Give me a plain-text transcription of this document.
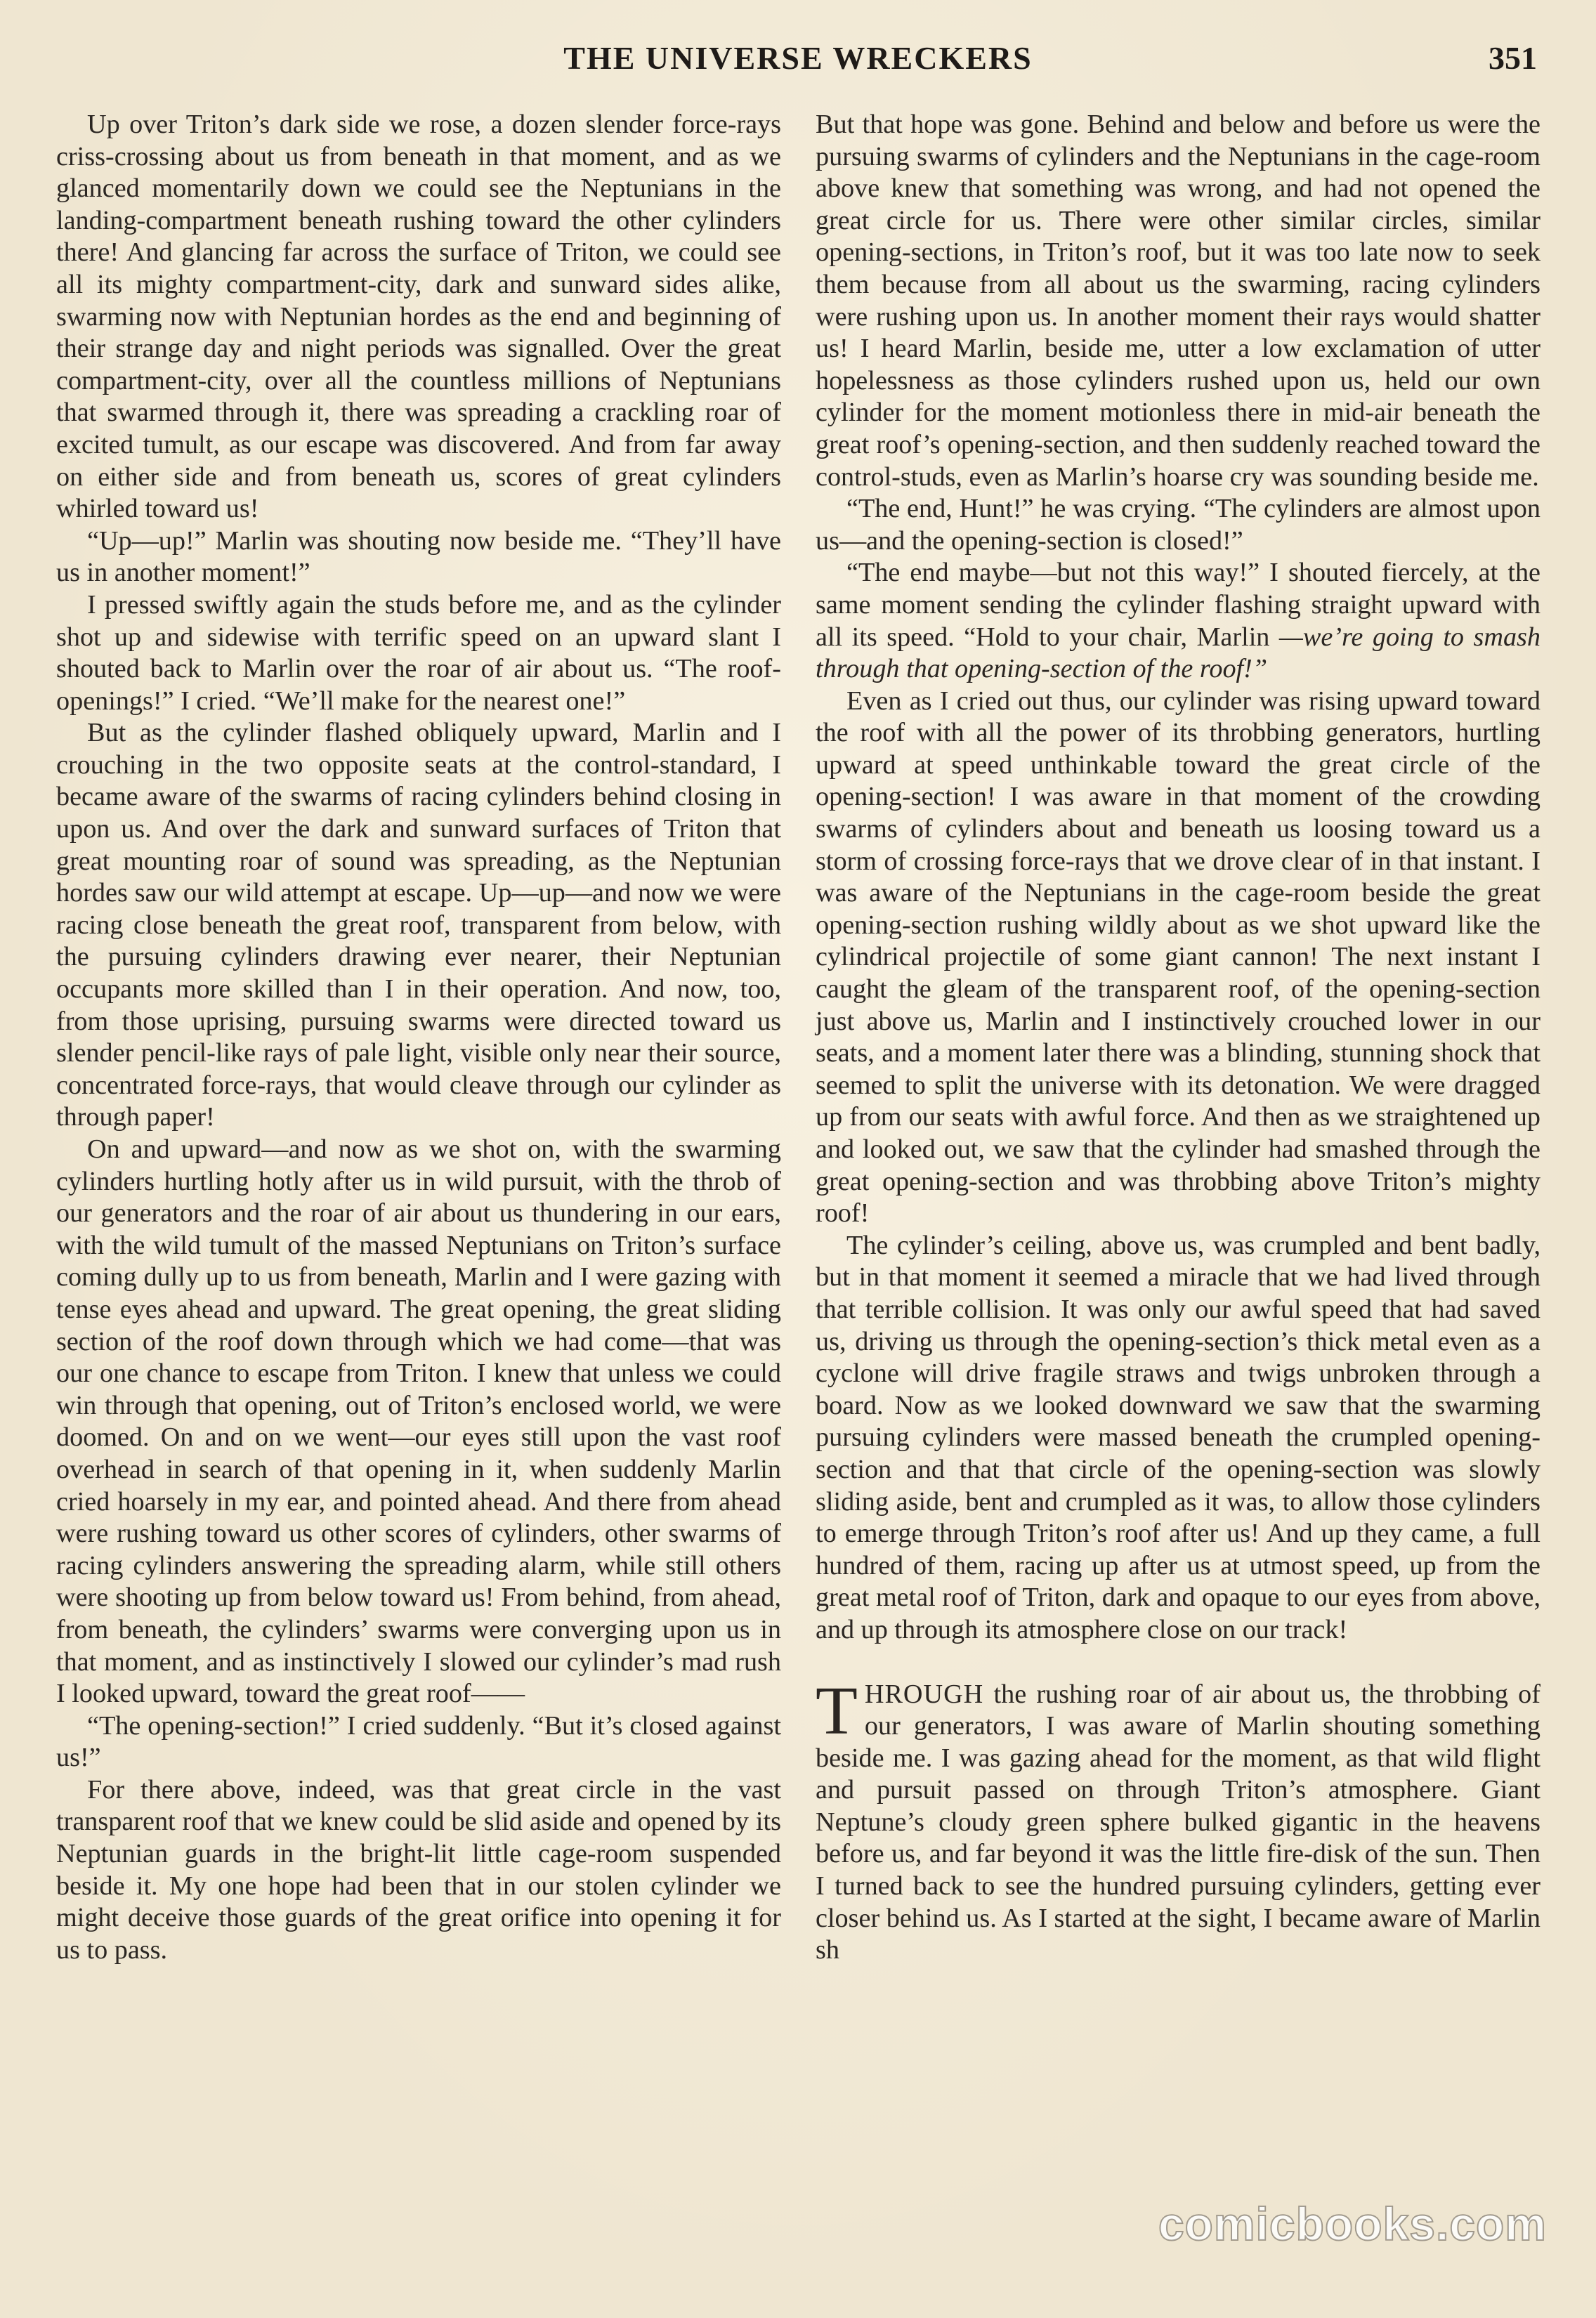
THE UNIVERSE WRECKERS	351

Up over Triton’s dark side we rose, a dozen slender force-rays criss-crossing about us from beneath in that moment, and as we glanced momentarily down we could see the Neptunians in the landing-compartment beneath rushing toward the other cylinders there! And glancing far across the surface of Triton, we could see all its mighty compartment-city, dark and sunward sides alike, swarming now with Neptunian hordes as the end and beginning of their strange day and night periods was signalled. Over the great compartment-city, over all the countless millions of Neptunians that swarmed through it, there was spreading a crackling roar of excited tumult, as our escape was discovered. And from far away on either side and from beneath us, scores of great cylinders whirled toward us!

“Up—up!” Marlin was shouting now beside me. “They’ll have us in another moment!”

I pressed swiftly again the studs before me, and as the cylinder shot up and sidewise with terrific speed on an upward slant I shouted back to Marlin over the roar of air about us. “The roof-openings!” I cried. “We’ll make for the nearest one!”

But as the cylinder flashed obliquely upward, Marlin and I crouching in the two opposite seats at the control-standard, I became aware of the swarms of racing cylinders behind closing in upon us. And over the dark and sunward surfaces of Triton that great mounting roar of sound was spreading, as the Neptunian hordes saw our wild attempt at escape. Up—up—and now we were racing close beneath the great roof, transparent from below, with the pursuing cylinders drawing ever nearer, their Neptunian occupants more skilled than I in their operation. And now, too, from those uprising, pursuing swarms were directed toward us slender pencil-like rays of pale light, visible only near their source, concentrated force-rays, that would cleave through our cylinder as through paper!

On and upward—and now as we shot on, with the swarming cylinders hurtling hotly after us in wild pursuit, with the throb of our generators and the roar of air about us thundering in our ears, with the wild tumult of the massed Neptunians on Triton’s surface coming dully up to us from beneath, Marlin and I were gazing with tense eyes ahead and upward. The great opening, the great sliding section of the roof down through which we had come—that was our one chance to escape from Triton. I knew that unless we could win through that opening, out of Triton’s enclosed world, we were doomed. On and on we went—our eyes still upon the vast roof overhead in search of that opening in it, when suddenly Marlin cried hoarsely in my ear, and pointed ahead. And there from ahead were rushing toward us other scores of cylinders, other swarms of racing cylinders answering the spreading alarm, while still others were shooting up from below toward us! From behind, from ahead, from beneath, the cylinders’ swarms were converging upon us in that moment, and as instinctively I slowed our cylinder’s mad rush I looked upward, toward the great roof——

“The opening-section!” I cried suddenly. “But it’s closed against us!”

For there above, indeed, was that great circle in the vast transparent roof that we knew could be slid aside and opened by its Neptunian guards in the bright-lit little cage-room suspended beside it. My one hope had been that in our stolen cylinder we might deceive those guards of the great orifice into opening it for us to pass.

But that hope was gone. Behind and below and before us were the pursuing swarms of cylinders and the Neptunians in the cage-room above knew that something was wrong, and had not opened the great circle for us. There were other similar circles, similar opening-sections, in Triton’s roof, but it was too late now to seek them because from all about us the swarming, racing cylinders were rushing upon us. In another moment their rays would shatter us! I heard Marlin, beside me, utter a low exclamation of utter hopelessness as those cylinders rushed upon us, held our own cylinder for the moment motionless there in mid-air beneath the great roof’s opening-section, and then suddenly reached toward the control-studs, even as Marlin’s hoarse cry was sounding beside me.

“The end, Hunt!” he was crying. “The cylinders are almost upon us—and the opening-section is closed!”

“The end maybe—but not this way!” I shouted fiercely, at the same moment sending the cylinder flashing straight upward with all its speed. “Hold to your chair, Marlin —we’re going to smash through that opening-section of the roof!”

Even as I cried out thus, our cylinder was rising upward toward the roof with all the power of its throbbing generators, hurtling upward at speed unthinkable toward the great circle of the opening-section! I was aware in that moment of the crowding swarms of cylinders about and beneath us loosing toward us a storm of crossing force-rays that we drove clear of in that instant. I was aware of the Neptunians in the cage-room beside the great opening-section rushing wildly about as we shot upward like the cylindrical projectile of some giant cannon! The next instant I caught the gleam of the transparent roof, of the opening-section just above us, Marlin and I instinctively crouched lower in our seats, and a moment later there was a blinding, stunning shock that seemed to split the universe with its detonation. We were dragged up from our seats with awful force. And then as we straightened up and looked out, we saw that the cylinder had smashed through the great opening-section and was throbbing above Triton’s mighty roof!

The cylinder’s ceiling, above us, was crumpled and bent badly, but in that moment it seemed a miracle that we had lived through that terrible collision. It was only our awful speed that had saved us, driving us through the opening-section’s thick metal even as a cyclone will drive fragile straws and twigs unbroken through a board. Now as we looked downward we saw that the swarming pursuing cylinders were massed beneath the crumpled opening-section and that that circle of the opening-section was slowly sliding aside, bent and crumpled as it was, to allow those cylinders to emerge through Triton’s roof after us! And up they came, a full hundred of them, racing up after us at utmost speed, up from the great metal roof of Triton, dark and opaque to our eyes from above, and up through its atmosphere close on our track!

THROUGH the rushing roar of air about us, the throbbing of our generators, I was aware of Marlin shouting something beside me. I was gazing ahead for the moment, as that wild flight and pursuit passed on through Triton’s atmosphere. Giant Neptune’s cloudy green sphere bulked gigantic in the heavens before us, and far beyond it was the little fire-disk of the sun. Then I turned back to see the hundred pursuing cylinders, getting ever closer behind us. As I started at the sight, I became aware of Marlin sh

comicbooks.com
